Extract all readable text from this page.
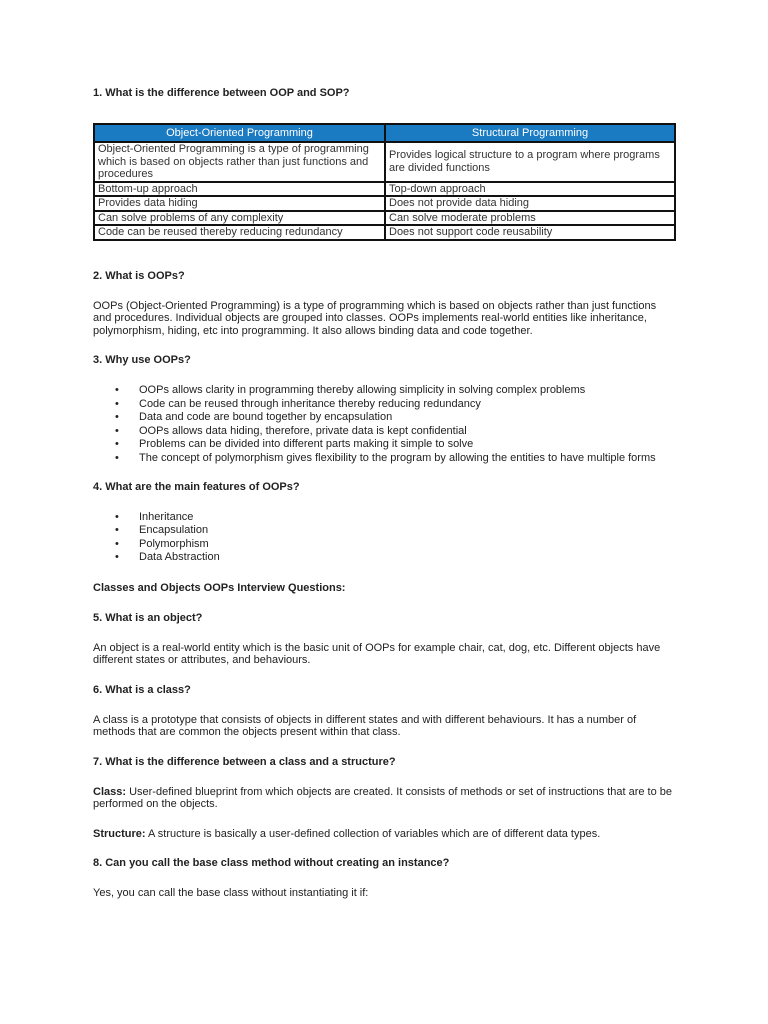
1. What is the difference between OOP and SOP?

Object-Oriented Programming	Structural Programming
Object-Oriented Programming is a type of programming which is based on objects rather than just functions and procedures	Provides logical structure to a program where programs are divided functions
Bottom-up approach	Top-down approach
Provides data hiding	Does not provide data hiding
Can solve problems of any complexity	Can solve moderate problems
Code can be reused thereby reducing redundancy	Does not support code reusability

2. What is OOPs?

OOPs (Object-Oriented Programming) is a type of programming which is based on objects rather than just functions and procedures. Individual objects are grouped into classes. OOPs implements real-world entities like inheritance, polymorphism, hiding, etc into programming. It also allows binding data and code together.

3. Why use OOPs?

• OOPs allows clarity in programming thereby allowing simplicity in solving complex problems
• Code can be reused through inheritance thereby reducing redundancy
• Data and code are bound together by encapsulation
• OOPs allows data hiding, therefore, private data is kept confidential
• Problems can be divided into different parts making it simple to solve
• The concept of polymorphism gives flexibility to the program by allowing the entities to have multiple forms

4. What are the main features of OOPs?

• Inheritance
• Encapsulation
• Polymorphism
• Data Abstraction

Classes and Objects OOPs Interview Questions:

5. What is an object?

An object is a real-world entity which is the basic unit of OOPs for example chair, cat, dog, etc. Different objects have different states or attributes, and behaviours.

6. What is a class?

A class is a prototype that consists of objects in different states and with different behaviours. It has a number of methods that are common the objects present within that class.

7. What is the difference between a class and a structure?

Class: User-defined blueprint from which objects are created. It consists of methods or set of instructions that are to be performed on the objects.

Structure: A structure is basically a user-defined collection of variables which are of different data types.

8. Can you call the base class method without creating an instance?

Yes, you can call the base class without instantiating it if:
